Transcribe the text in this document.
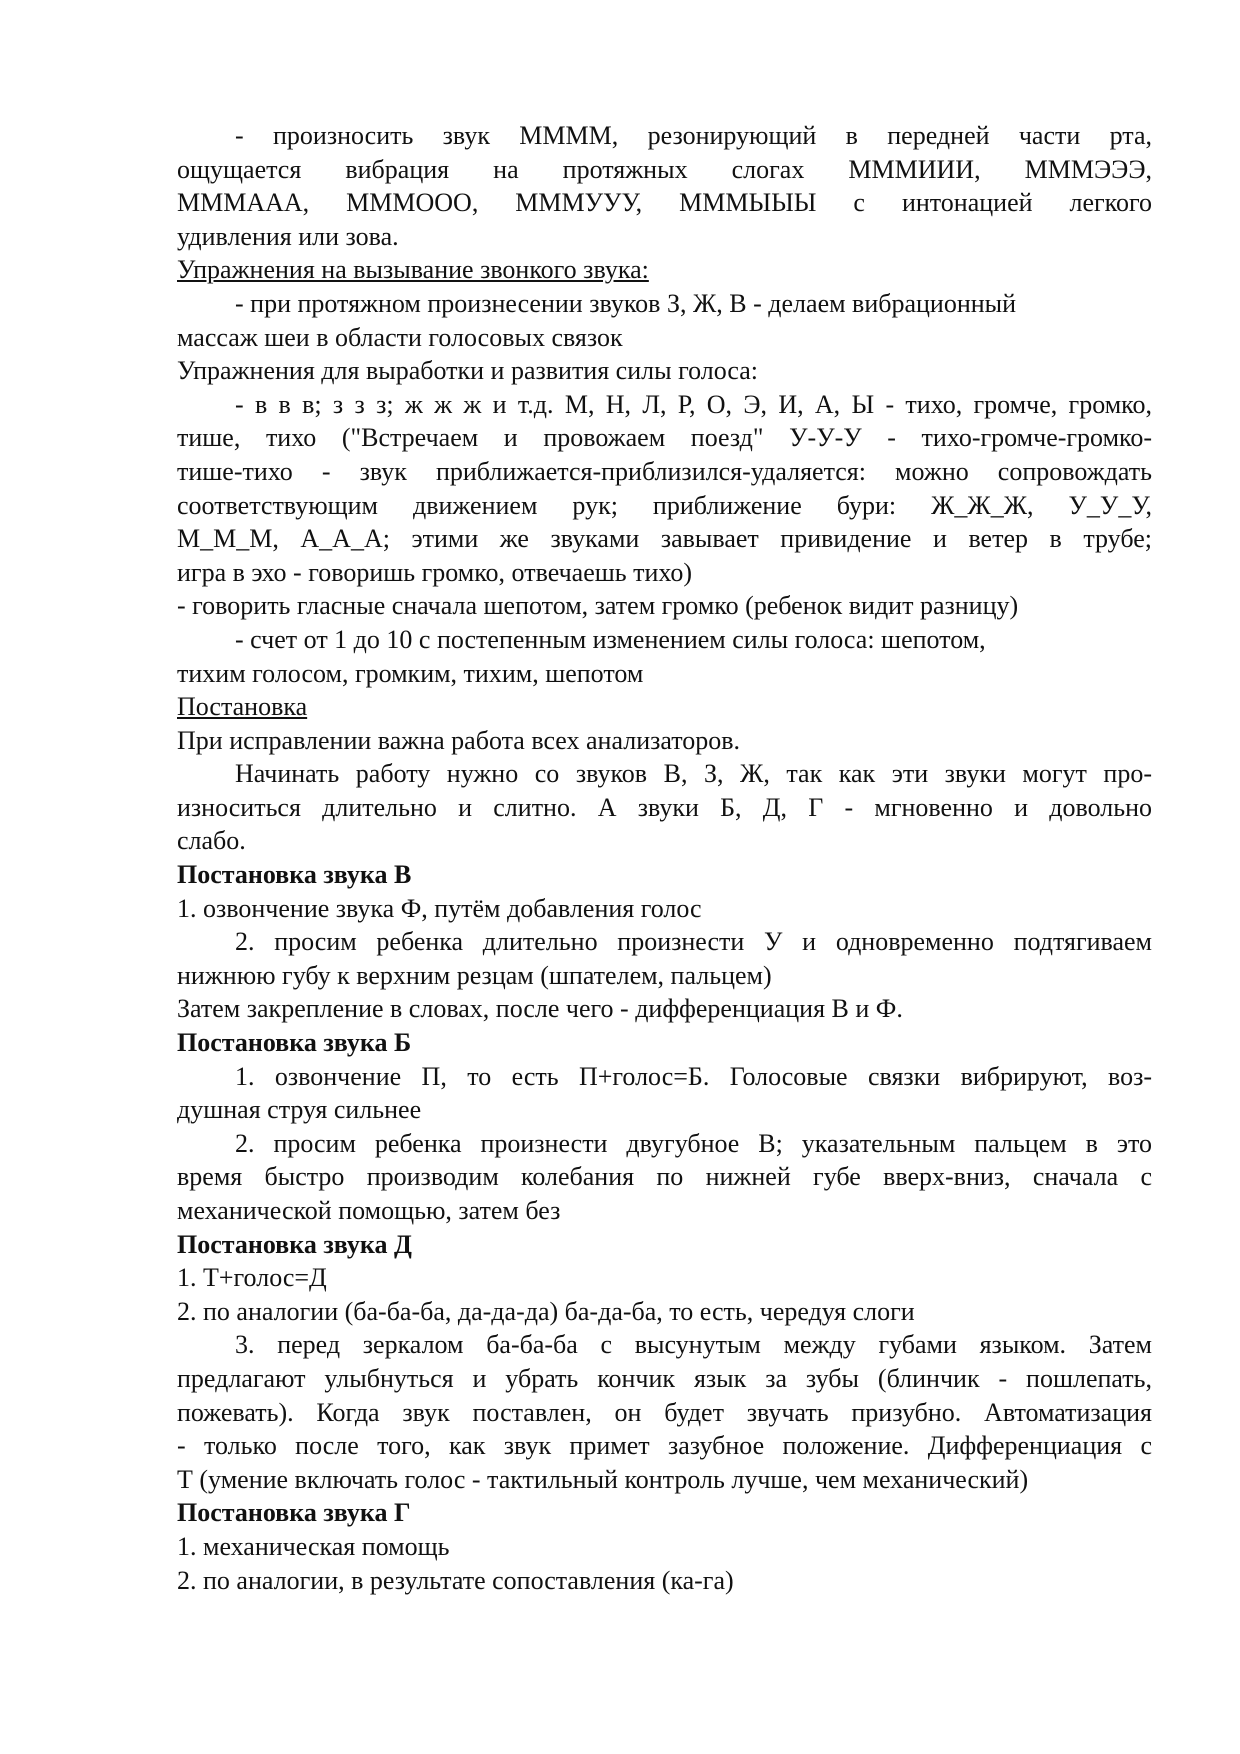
- произносить звук ММММ, резонирующий в передней части рта,
ощущается вибрация на протяжных слогах МММИИИ, МММЭЭЭ,
МММААА, МММООО, МММУУУ, МММЫЫЫ с интонацией легкого
удивления или зова.
Упражнения на вызывание звонкого звука:
- при протяжном произнесении звуков З, Ж, В - делаем вибрационный
массаж шеи в области голосовых связок
Упражнения для выработки и развития силы голоса:
- в в в; з з з; ж ж ж и т.д. М, Н, Л, Р, О, Э, И, А, Ы - тихо, громче, громко,
тише, тихо ("Встречаем и провожаем поезд" У-У-У - тихо-громче-громко-
тише-тихо - звук приближается-приблизился-удаляется: можно сопровождать
соответствующим движением рук; приближение бури: Ж_Ж_Ж, У_У_У,
М_М_М, А_А_А; этими же звуками завывает привидение и ветер в трубе;
игра в эхо - говоришь громко, отвечаешь тихо)
- говорить гласные сначала шепотом, затем громко (ребенок видит разницу)
- счет от 1 до 10 с постепенным изменением силы голоса: шепотом,
тихим голосом, громким, тихим, шепотом
Постановка
При исправлении важна работа всех анализаторов.
Начинать работу нужно со звуков В, З, Ж, так как эти звуки могут про-
износиться длительно и слитно. А звуки Б, Д, Г - мгновенно и довольно
слабо.
Постановка звука В
1. озвончение звука Ф, путём добавления голос
2. просим ребенка длительно произнести У и одновременно подтягиваем
нижнюю губу к верхним резцам (шпателем, пальцем)
Затем закрепление в словах, после чего - дифференциация В и Ф.
Постановка звука Б
1. озвончение П, то есть П+голос=Б. Голосовые связки вибрируют, воз-
душная струя сильнее
2. просим ребенка произнести двугубное В; указательным пальцем в это
время быстро производим колебания по нижней губе вверх-вниз, сначала с
механической помощью, затем без
Постановка звука Д
1. Т+голос=Д
2. по аналогии (ба-ба-ба, да-да-да) ба-да-ба, то есть, чередуя слоги
3. перед зеркалом ба-ба-ба с высунутым между губами языком. Затем
предлагают улыбнуться и убрать кончик язык за зубы (блинчик - пошлепать,
пожевать). Когда звук поставлен, он будет звучать призубно. Автоматизация
- только после того, как звук примет зазубное положение. Дифференциация с
Т (умение включать голос - тактильный контроль лучше, чем механический)
Постановка звука Г
1. механическая помощь
2. по аналогии, в результате сопоставления (ка-га)
